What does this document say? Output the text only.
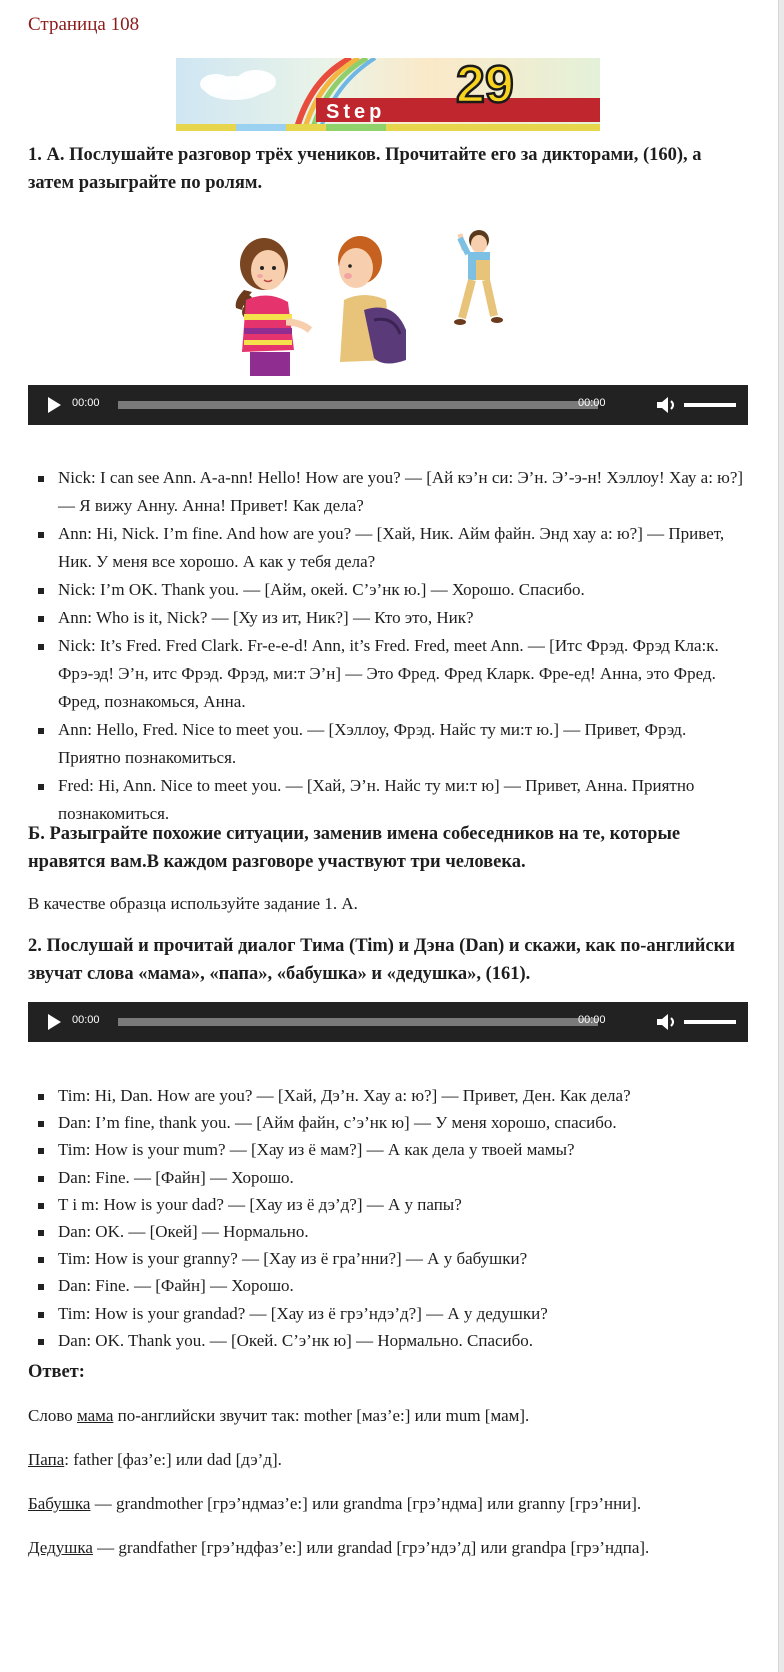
Страница 108
Step 29
1. А. Послушайте разговор трёх учеников. Прочитайте его за дикторами, (160), а затем разыграйте по ролям.
00:00	00:00
Nick: I can see Ann. A-a-nn! Hello! How are you? — [Ай кэ’н си: Э’н. Э’-э-н! Хэллоу! Хау а: ю?] — Я вижу Анну. Анна! Привет! Как дела?
Ann: Hi, Nick. I’m fine. And how are you? — [Хай, Ник. Айм файн. Энд хау а: ю?] — Привет, Ник. У меня все хорошо. А как у тебя дела?
Nick: I’m OK. Thank you. — [Айм, окей. С’э’нк ю.] — Хорошо. Спасибо.
Ann: Who is it, Nick? — [Ху из ит, Ник?] — Кто это, Ник?
Nick: It’s Fred. Fred Clark. Fr-e-e-d! Ann, it’s Fred. Fred, meet Ann. — [Итс Фрэд. Фрэд Кла:к. Фрэ-эд! Э’н, итс Фрэд. Фрэд, ми:т Э’н] — Это Фред. Фред Кларк. Фре-ед! Анна, это Фред. Фред, познакомься, Анна.
Ann: Hello, Fred. Nice to meet you. — [Хэллоу, Фрэд. Найс ту ми:т ю.] — Привет, Фрэд. Приятно познакомиться.
Fred: Hi, Ann. Nice to meet you. — [Хай, Э’н. Найс ту ми:т ю] — Привет, Анна. Приятно познакомиться.
Б. Разыграйте похожие ситуации, заменив имена собеседников на те, которые нравятся вам.В каждом разговоре участвуют три человека.
В качестве образца используйте задание 1. А.
2. Послушай и прочитай диалог Тима (Tim) и Дэна (Dan) и скажи, как по-английски звучат слова «мама», «папа», «бабушка» и «дедушка», (161).
00:00	00:00
Tim: Hi, Dan. How are you? — [Хай, Дэ’н. Хау а: ю?] — Привет, Ден. Как дела?
Dan: I’m fine, thank you. — [Айм файн, с’э’нк ю] — У меня хорошо, спасибо.
Tim: How is your mum? — [Хау из ё мам?] — А как дела у твоей мамы?
Dan: Fine. — [Файн] — Хорошо.
T i m: How is your dad? — [Хау из ё дэ’д?] — А у папы?
Dan: OK. — [Окей] — Нормально.
Tim: How is your granny? — [Хау из ё гра’нни?] — А у бабушки?
Dan: Fine. — [Файн] — Хорошо.
Tim: How is your grandad? — [Хау из ё грэ’ндэ’д?] — А у дедушки?
Dan: OK. Thank you. — [Окей. С’э’нк ю] — Нормально. Спасибо.
Ответ:
Слово мама по-английски звучит так: mother [маз’е:] или mum [мам].
Папа: father [фаз’е:] или dad [дэ’д].
Бабушка — grandmother [грэ’ндмаз’е:] или grandma [грэ’ндма] или granny [грэ’нни].
Дедушка — grandfather [грэ’ндфаз’е:] или grandad [грэ’ндэ’д] или grandpa [грэ’ндпа].
